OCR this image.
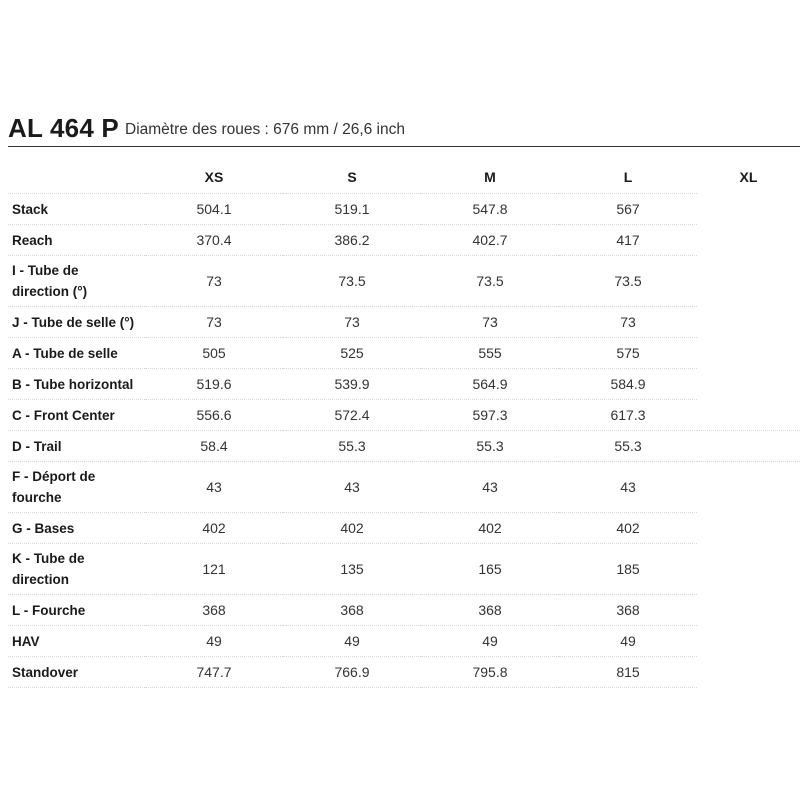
AL 464 P Diamètre des roues : 676 mm / 26,6 inch
	XS	S	M	L	XL
Stack	504.1	519.1	547.8	567	
Reach	370.4	386.2	402.7	417	
I - Tube de direction (°)	73	73.5	73.5	73.5	
J - Tube de selle (°)	73	73	73	73	
A - Tube de selle	505	525	555	575	
B - Tube horizontal	519.6	539.9	564.9	584.9	
C - Front Center	556.6	572.4	597.3	617.3	
D - Trail	58.4	55.3	55.3	55.3	
F - Déport de fourche	43	43	43	43	
G - Bases	402	402	402	402	
K - Tube de direction	121	135	165	185	
L - Fourche	368	368	368	368	
HAV	49	49	49	49	
Standover	747.7	766.9	795.8	815	
